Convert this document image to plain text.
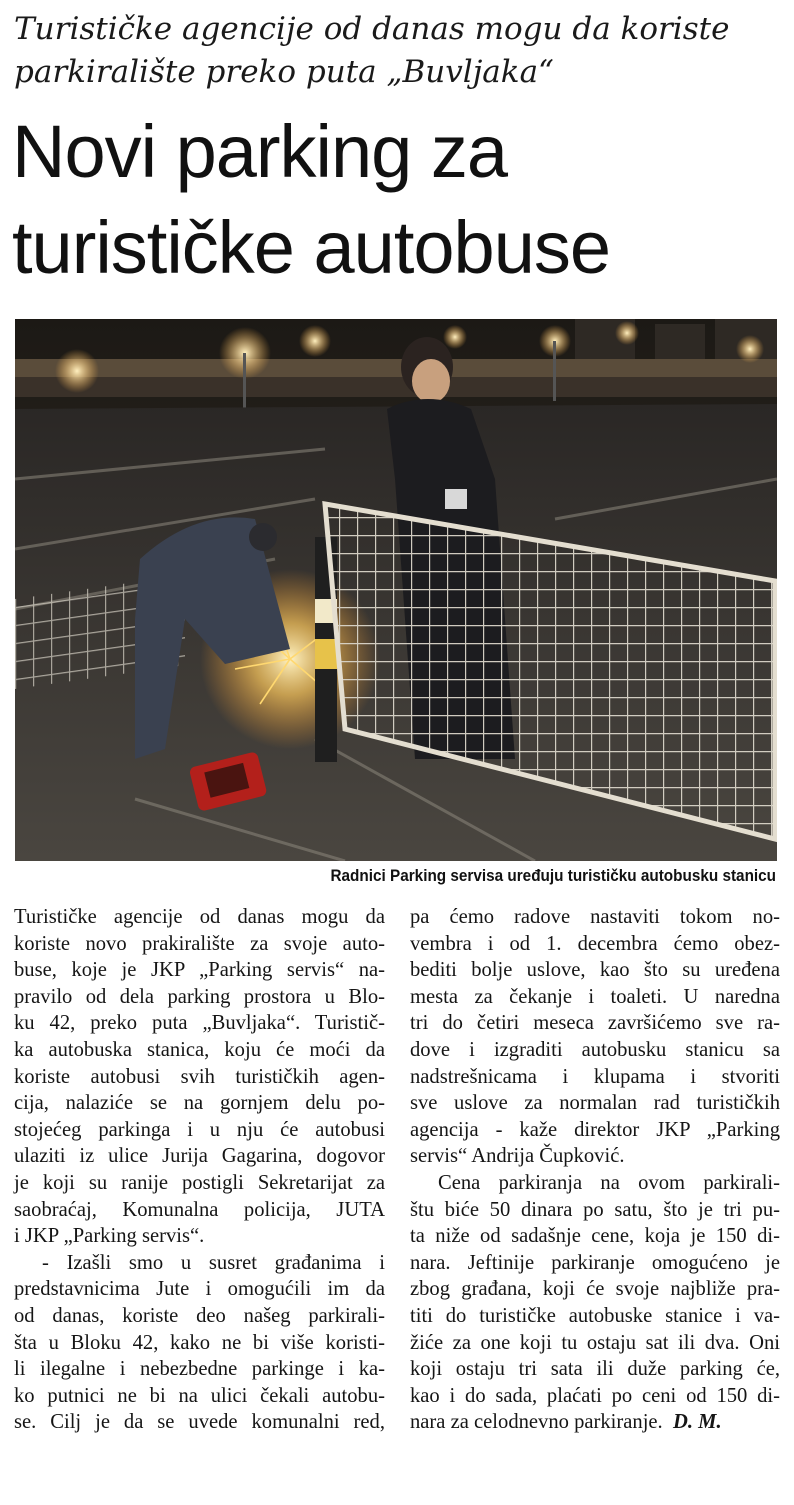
Turističke agencije od danas mogu da koriste
parkiralište preko puta „Buvljaka“
Novi parking za
turističke autobuse
Radnici Parking servisa uređuju turističku autobusku stanicu
Turističke agencije od danas mogu da
koriste novo prakiralište za svoje auto-
buse, koje je JKP „Parking servis“ na-
pravilo od dela parking prostora u Blo-
ku 42, preko puta „Buvljaka“. Turistič-
ka autobuska stanica, koju će moći da
koriste autobusi svih turističkih agen-
cija, nalaziće se na gornjem delu po-
stojećeg parkinga i u nju će autobusi
ulaziti iz ulice Jurija Gagarina, dogovor
je koji su ranije postigli Sekretarijat za
saobraćaj, Komunalna policija, JUTA
i JKP „Parking servis“.
- Izašli smo u susret građanima i
predstavnicima Jute i omogućili im da
od danas, koriste deo našeg parkirali-
šta u Bloku 42, kako ne bi više koristi-
li ilegalne i nebezbedne parkinge i ka-
ko putnici ne bi na ulici čekali autobu-
se. Cilj je da se uvede komunalni red,
pa ćemo radove nastaviti tokom no-
vembra i od 1. decembra ćemo obez-
bediti bolje uslove, kao što su uređena
mesta za čekanje i toaleti. U naredna
tri do četiri meseca završićemo sve ra-
dove i izgraditi autobusku stanicu sa
nadstrešnicama i klupama i stvoriti
sve uslove za normalan rad turističkih
agencija - kaže direktor JKP „Parking
servis“ Andrija Čupković.
Cena parkiranja na ovom parkirali-
štu biće 50 dinara po satu, što je tri pu-
ta niže od sadašnje cene, koja je 150 di-
nara. Jeftinije parkiranje omogućeno je
zbog građana, koji će svoje najbliže pra-
titi do turističke autobuske stanice i va-
žiće za one koji tu ostaju sat ili dva. Oni
koji ostaju tri sata ili duže parking će,
kao i do sada, plaćati po ceni od 150 di-
nara za celodnevno parkiranje. D. M.
